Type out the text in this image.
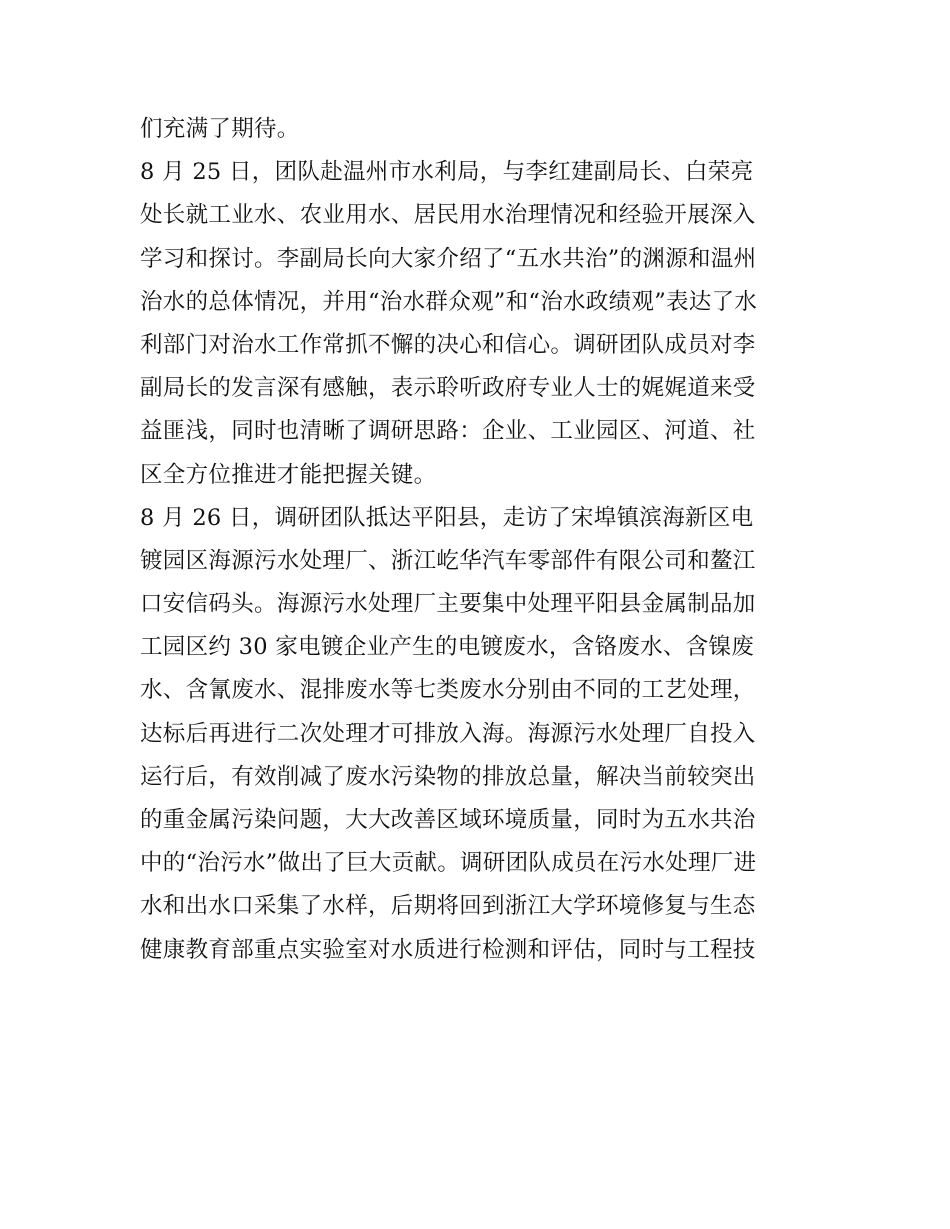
们充满了期待。
8 月 25 日，团队赴温州市水利局，与李红建副局长、白荣亮
处长就工业水、农业用水、居民用水治理情况和经验开展深入
学习和探讨。李副局长向大家介绍了“五水共治”的渊源和温州
治水的总体情况，并用“治水群众观”和“治水政绩观”表达了水
利部门对治水工作常抓不懈的决心和信心。调研团队成员对李
副局长的发言深有感触，表示聆听政府专业人士的娓娓道来受
益匪浅，同时也清晰了调研思路：企业、工业园区、河道、社
区全方位推进才能把握关键。
8 月 26 日，调研团队抵达平阳县，走访了宋埠镇滨海新区电
镀园区海源污水处理厂、浙江屹华汽车零部件有限公司和鳌江
口安信码头。海源污水处理厂主要集中处理平阳县金属制品加
工园区约 30 家电镀企业产生的电镀废水，含铬废水、含镍废
水、含氰废水、混排废水等七类废水分别由不同的工艺处理，
达标后再进行二次处理才可排放入海。海源污水处理厂自投入
运行后，有效削减了废水污染物的排放总量，解决当前较突出
的重金属污染问题，大大改善区域环境质量，同时为五水共治
中的“治污水”做出了巨大贡献。调研团队成员在污水处理厂进
水和出水口采集了水样，后期将回到浙江大学环境修复与生态
健康教育部重点实验室对水质进行检测和评估，同时与工程技
